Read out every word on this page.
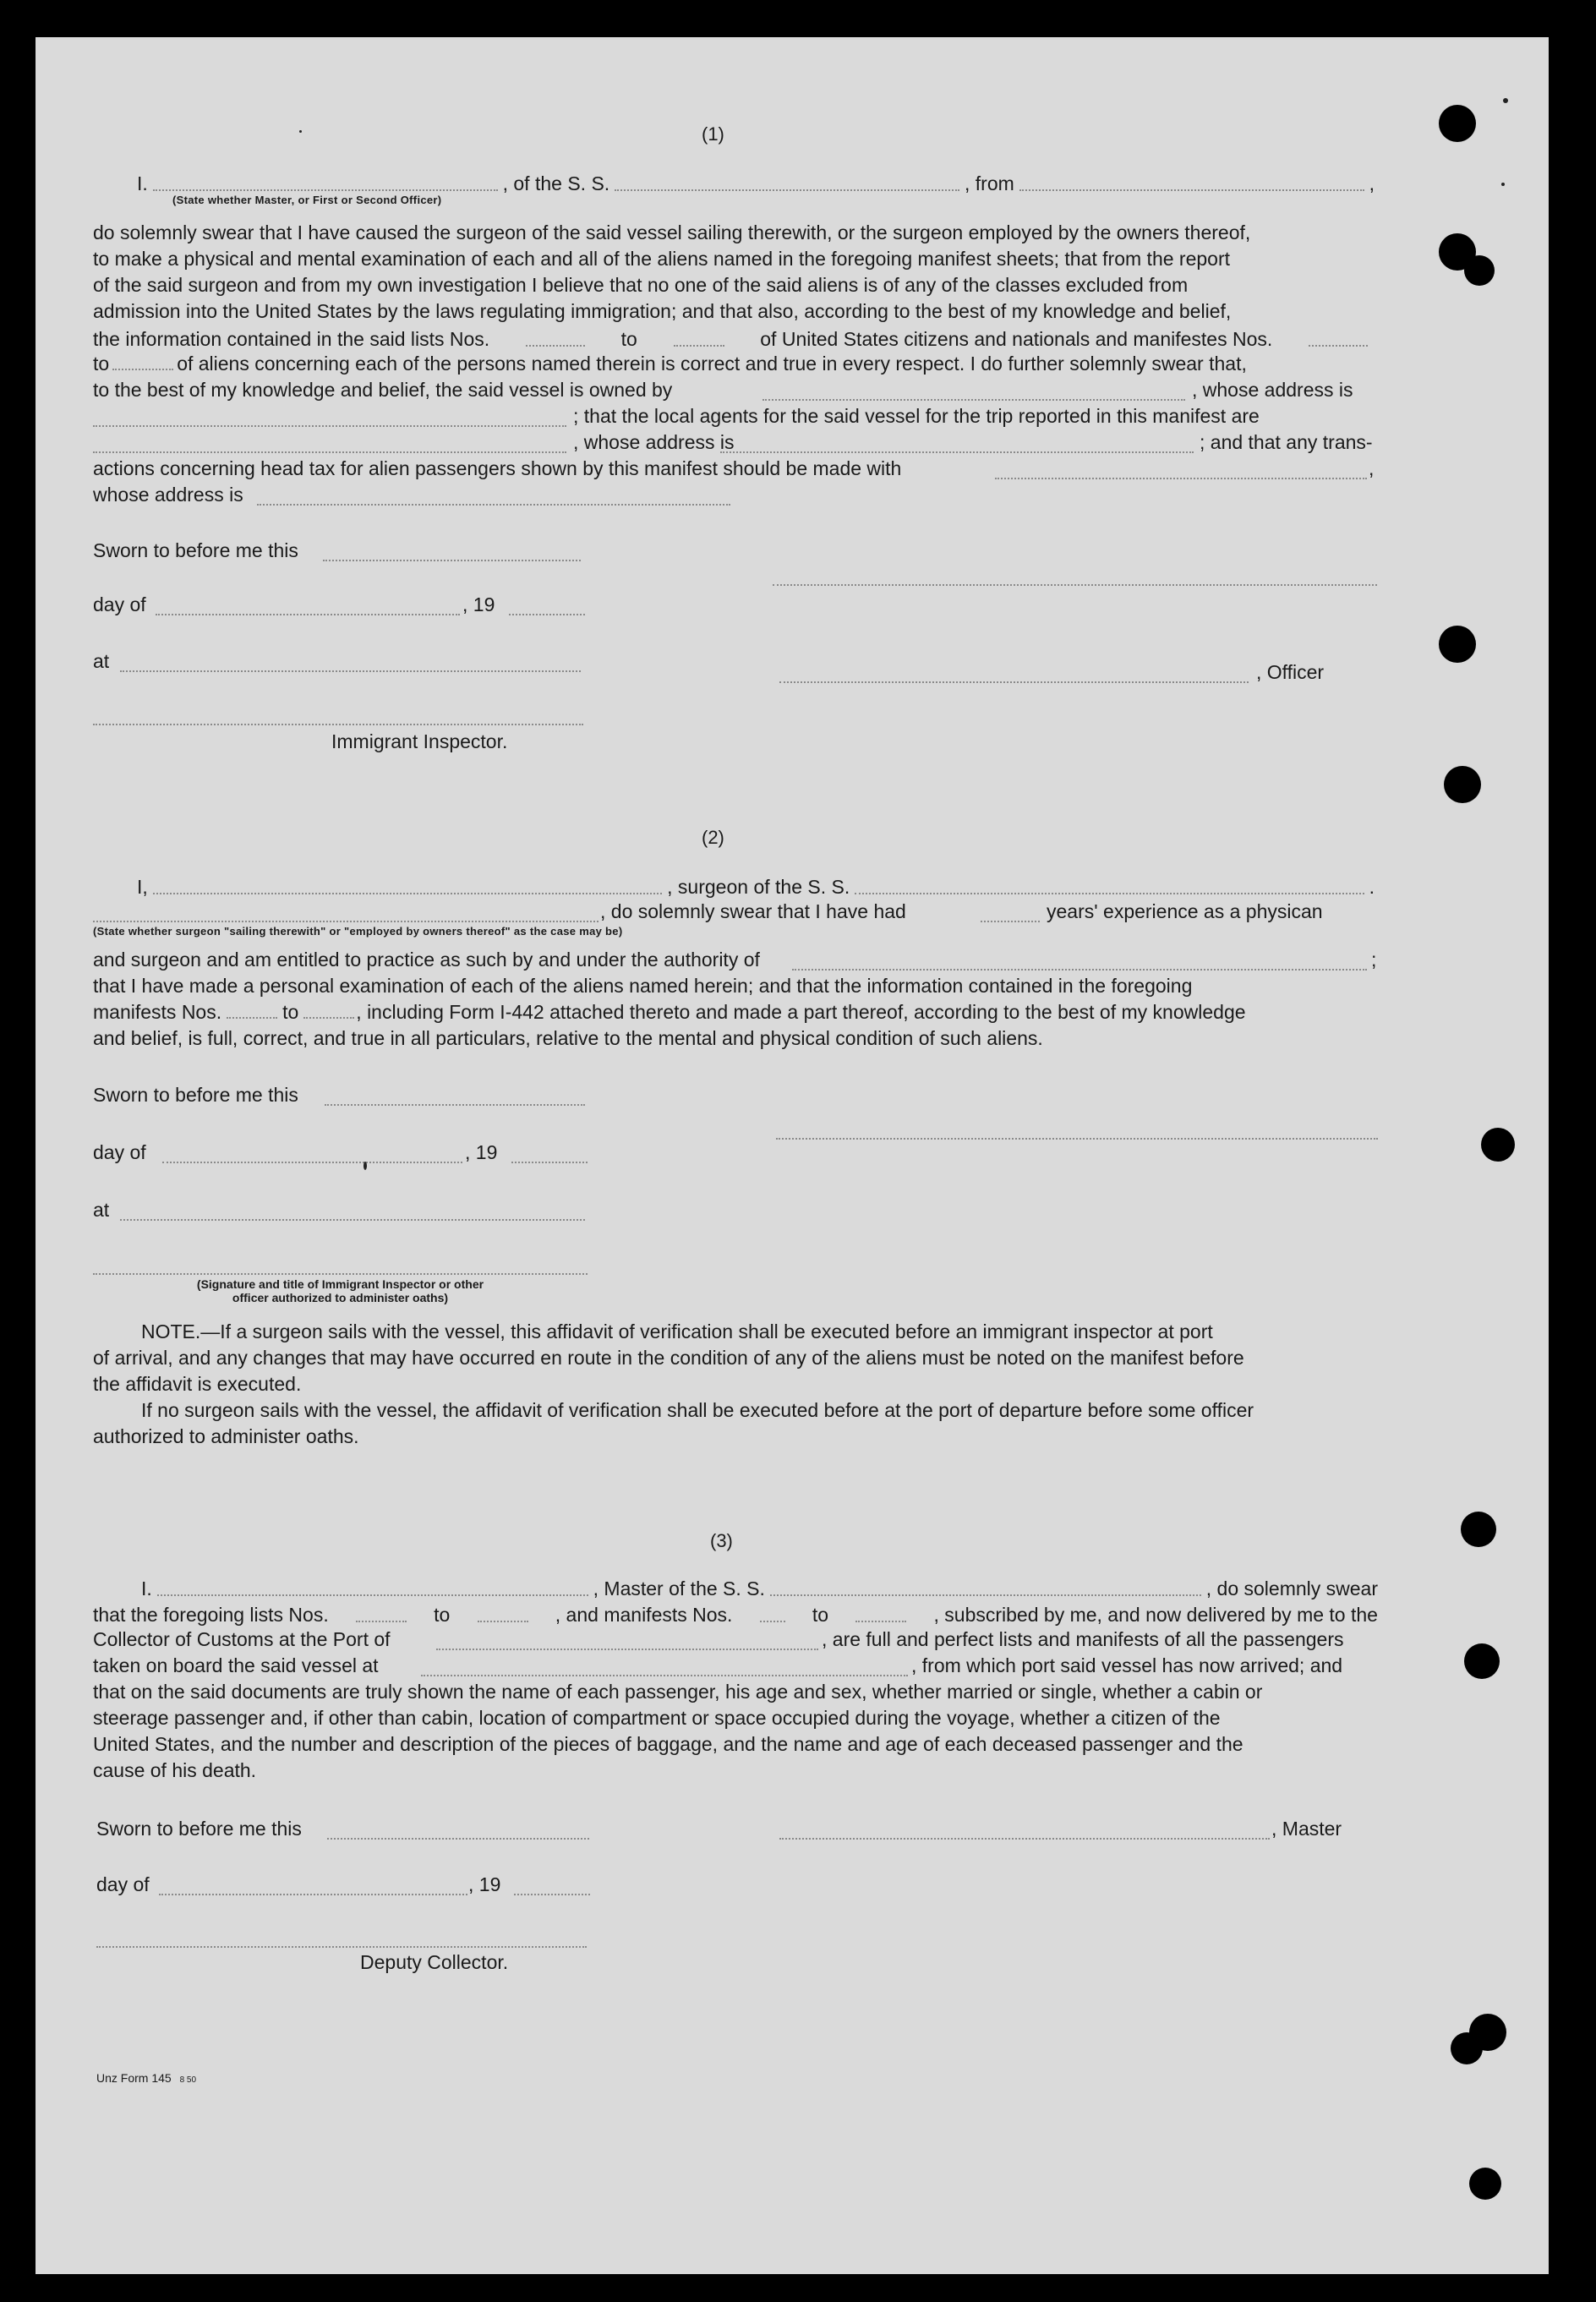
(1)
I.	, of the S. S.	, from	,
(State whether Master, or First or Second Officer)
do solemnly swear that I have caused the surgeon of the said vessel sailing therewith, or the surgeon employed by the owners thereof,
to make a physical and mental examination of each and all of the aliens named in the foregoing manifest sheets; that from the report
of the said surgeon and from my own investigation I believe that no one of the said aliens is of any of the classes excluded from
admission into the United States by the laws regulating immigration; and that also, according to the best of my knowledge and belief,
the information contained in the said lists Nos.	to	of United States citizens and nationals and manifestes Nos.
to	of aliens concerning each of the persons named therein is correct and true in every respect. I do further solemnly swear that,
to the best of my knowledge and belief, the said vessel is owned by	, whose address is
; that the local agents for the said vessel for the trip reported in this manifest are
, whose address is	; and that any trans-
actions concerning head tax for alien passengers shown by this manifest should be made with	,
whose address is
Sworn to before me this
day of	, 19
at	, Officer
Immigrant Inspector.
(2)
I,	, surgeon of the S. S.	.
, do solemnly swear that I have had	years' experience as a physican
(State whether surgeon "sailing therewith" or "employed by owners thereof" as the case may be)
and surgeon and am entitled to practice as such by and under the authority of	;
that I have made a personal examination of each of the aliens named herein; and that the information contained in the foregoing
manifests Nos.	to	, including Form I-442 attached thereto and made a part thereof, according to the best of my knowledge
and belief, is full, correct, and true in all particulars, relative to the mental and physical condition of such aliens.
Sworn to before me this
day of	, 19
at
(Signature and title of Immigrant Inspector or other
officer authorized to administer oaths)
NOTE.—If a surgeon sails with the vessel, this affidavit of verification shall be executed before an immigrant inspector at port
of arrival, and any changes that may have occurred en route in the condition of any of the aliens must be noted on the manifest before
the affidavit is executed.
If no surgeon sails with the vessel, the affidavit of verification shall be executed before at the port of departure before some officer
authorized to administer oaths.
(3)
I.	, Master of the S. S.	, do solemnly swear
that the foregoing lists Nos.	to	, and manifests Nos.	to	, subscribed by me, and now delivered by me to the
Collector of Customs at the Port of	, are full and perfect lists and manifests of all the passengers
taken on board the said vessel at	, from which port said vessel has now arrived; and
that on the said documents are truly shown the name of each passenger, his age and sex, whether married or single, whether a cabin or
steerage passenger and, if other than cabin, location of compartment or space occupied during the voyage, whether a citizen of the
United States, and the number and description of the pieces of baggage, and the name and age of each deceased passenger and the
cause of his death.
Sworn to before me this	, Master
day of	, 19
Deputy Collector.
Unz Form 145 8 50
